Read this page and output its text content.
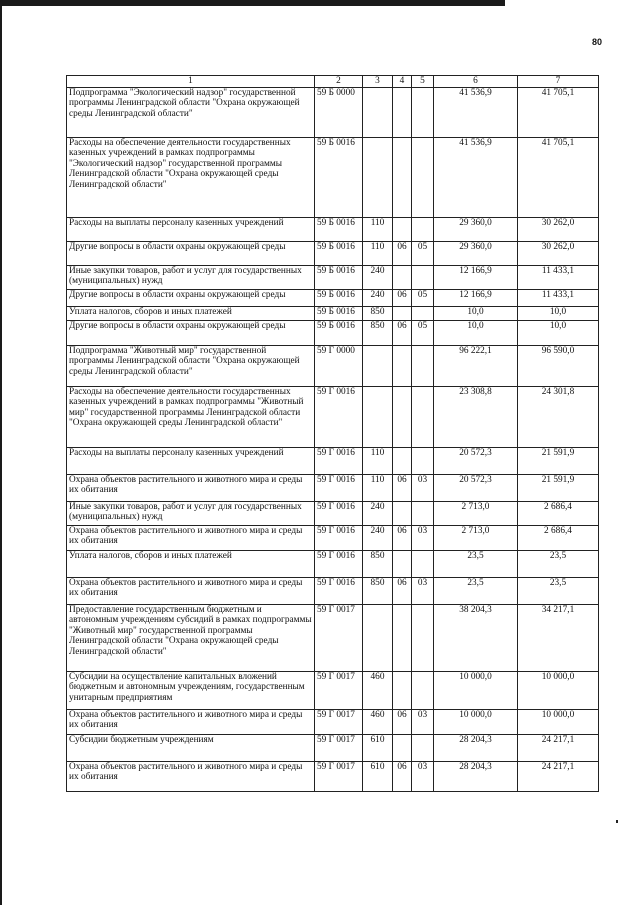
80
1	2	3	4	5	6	7
Подпрограмма "Экологический надзор" государственной программы Ленинградской области "Охрана окружающей среды Ленинградской области"	59 Б 0000				41 536,9	41 705,1
Расходы на обеспечение деятельности государственных казенных учреждений в рамках подпрограммы "Экологический надзор" государственной программы Ленинградской области "Охрана окружающей среды Ленинградской области"	59 Б 0016				41 536,9	41 705,1
Расходы на выплаты персоналу казенных учреждений	59 Б 0016	110			29 360,0	30 262,0
Другие вопросы в области охраны окружающей среды	59 Б 0016	110	06	05	29 360,0	30 262,0
Иные закупки товаров, работ и услуг для государственных (муниципальных) нужд	59 Б 0016	240			12 166,9	11 433,1
Другие вопросы в области охраны окружающей среды	59 Б 0016	240	06	05	12 166,9	11 433,1
Уплата налогов, сборов и иных платежей	59 Б 0016	850			10,0	10,0
Другие вопросы в области охраны окружающей среды	59 Б 0016	850	06	05	10,0	10,0
Подпрограмма "Животный мир" государственной программы Ленинградской области "Охрана окружающей среды Ленинградской области"	59 Г 0000				96 222,1	96 590,0
Расходы на обеспечение деятельности государственных казенных учреждений в рамках подпрограммы "Животный мир" государственной программы Ленинградской области "Охрана окружающей среды Ленинградской области"	59 Г 0016				23 308,8	24 301,8
Расходы на выплаты персоналу казенных учреждений	59 Г 0016	110			20 572,3	21 591,9
Охрана объектов растительного и животного мира и среды их обитания	59 Г 0016	110	06	03	20 572,3	21 591,9
Иные закупки товаров, работ и услуг для государственных (муниципальных) нужд	59 Г 0016	240			2 713,0	2 686,4
Охрана объектов растительного и животного мира и среды их обитания	59 Г 0016	240	06	03	2 713,0	2 686,4
Уплата налогов, сборов и иных платежей	59 Г 0016	850			23,5	23,5
Охрана объектов растительного и животного мира и среды их обитания	59 Г 0016	850	06	03	23,5	23,5
Предоставление государственным бюджетным и автономным учреждениям субсидий в рамках подпрограммы "Животный мир" государственной программы Ленинградской области "Охрана окружающей среды Ленинградской области"	59 Г 0017				38 204,3	34 217,1
Субсидии на осуществление капитальных вложений бюджетным и автономным учреждениям, государственным унитарным предприятиям	59 Г 0017	460			10 000,0	10 000,0
Охрана объектов растительного и животного мира и среды их обитания	59 Г 0017	460	06	03	10 000,0	10 000,0
Субсидии бюджетным учреждениям	59 Г 0017	610			28 204,3	24 217,1
Охрана объектов растительного и животного мира и среды их обитания	59 Г 0017	610	06	03	28 204,3	24 217,1
